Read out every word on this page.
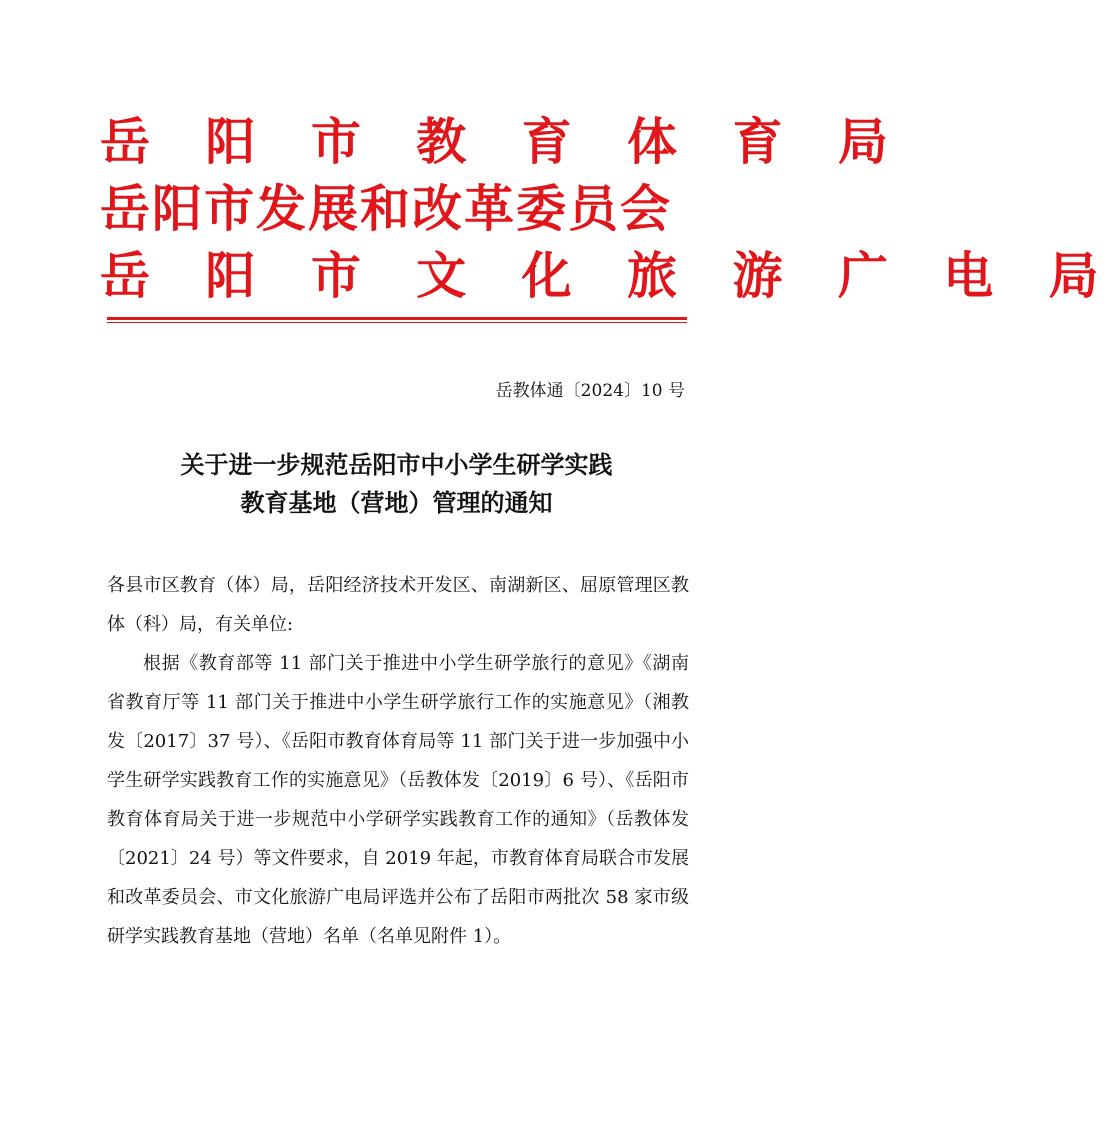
岳 阳 市 教 育 体 育 局
岳阳市发展和改革委员会
岳 阳 市 文 化 旅 游 广 电 局
岳教体通〔2024〕10 号
关于进一步规范岳阳市中小学生研学实践
教育基地（营地）管理的通知

各县市区教育（体）局，岳阳经济技术开发区、南湖新区、屈原管理区教体（科）局，有关单位:

根据《教育部等 11 部门关于推进中小学生研学旅行的意见》《湖南省教育厅等 11 部门关于推进中小学生研学旅行工作的实施意见》（湘教发〔2017〕37 号）、《岳阳市教育体育局等 11 部门关于进一步加强中小学生研学实践教育工作的实施意见》（岳教体发〔2019〕6 号）、《岳阳市教育体育局关于进一步规范中小学研学实践教育工作的通知》（岳教体发〔2021〕24 号）等文件要求，自 2019 年起，市教育体育局联合市发展和改革委员会、市文化旅游广电局评选并公布了岳阳市两批次 58 家市级研学实践教育基地（营地）名单（名单见附件 1）。
